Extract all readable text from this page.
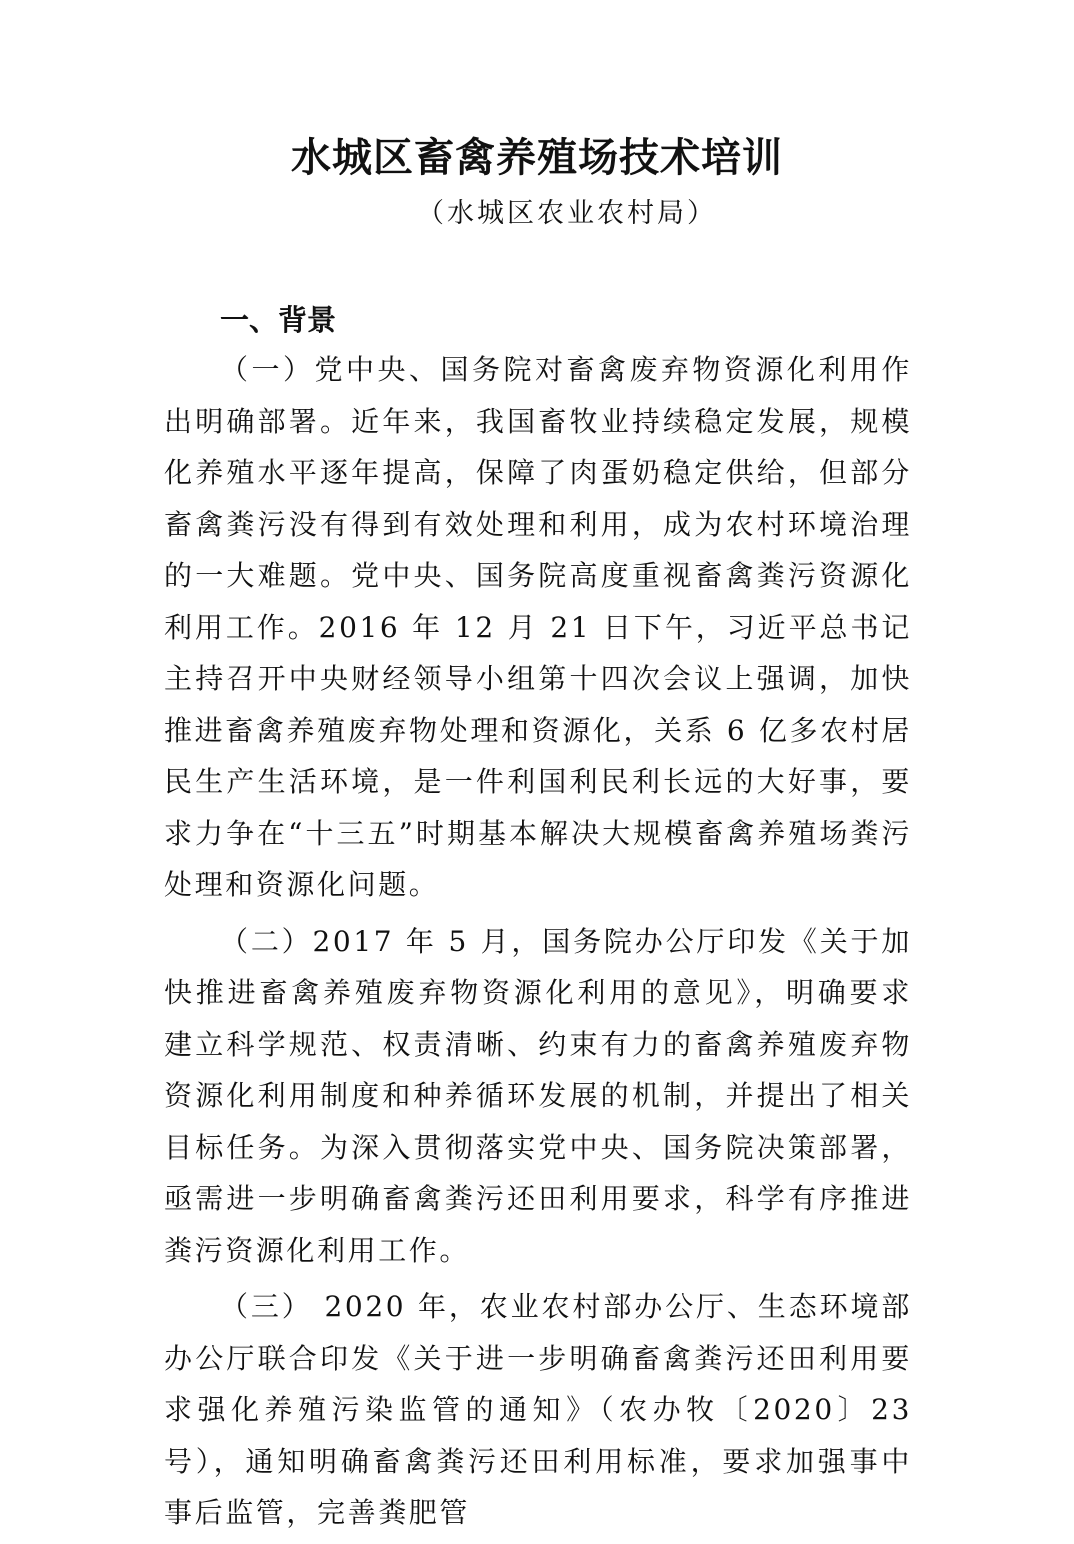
水城区畜禽养殖场技术培训
（水城区农业农村局）
一、背景

（一）党中央、国务院对畜禽废弃物资源化利用作出明确部署。近年来，我国畜牧业持续稳定发展，规模化养殖水平逐年提高，保障了肉蛋奶稳定供给，但部分畜禽粪污没有得到有效处理和利用，成为农村环境治理的一大难题。党中央、国务院高度重视畜禽粪污资源化利用工作。2016 年 12 月 21 日下午，习近平总书记主持召开中央财经领导小组第十四次会议上强调，加快推进畜禽养殖废弃物处理和资源化，关系 6 亿多农村居民生产生活环境，是一件利国利民利长远的大好事，要求力争在“十三五”时期基本解决大规模畜禽养殖场粪污处理和资源化问题。

（二）2017 年 5 月，国务院办公厅印发《关于加快推进畜禽养殖废弃物资源化利用的意见》，明确要求建立科学规范、权责清晰、约束有力的畜禽养殖废弃物资源化利用制度和种养循环发展的机制，并提出了相关目标任务。为深入贯彻落实党中央、国务院决策部署，亟需进一步明确畜禽粪污还田利用要求，科学有序推进粪污资源化利用工作。

（三） 2020 年，农业农村部办公厅、生态环境部办公厅联合印发《关于进一步明确畜禽粪污还田利用要求强化养殖污染监管的通知》（农办牧〔2020〕23 号），通知明确畜禽粪污还田利用标准，要求加强事中事后监管，完善粪肥管
